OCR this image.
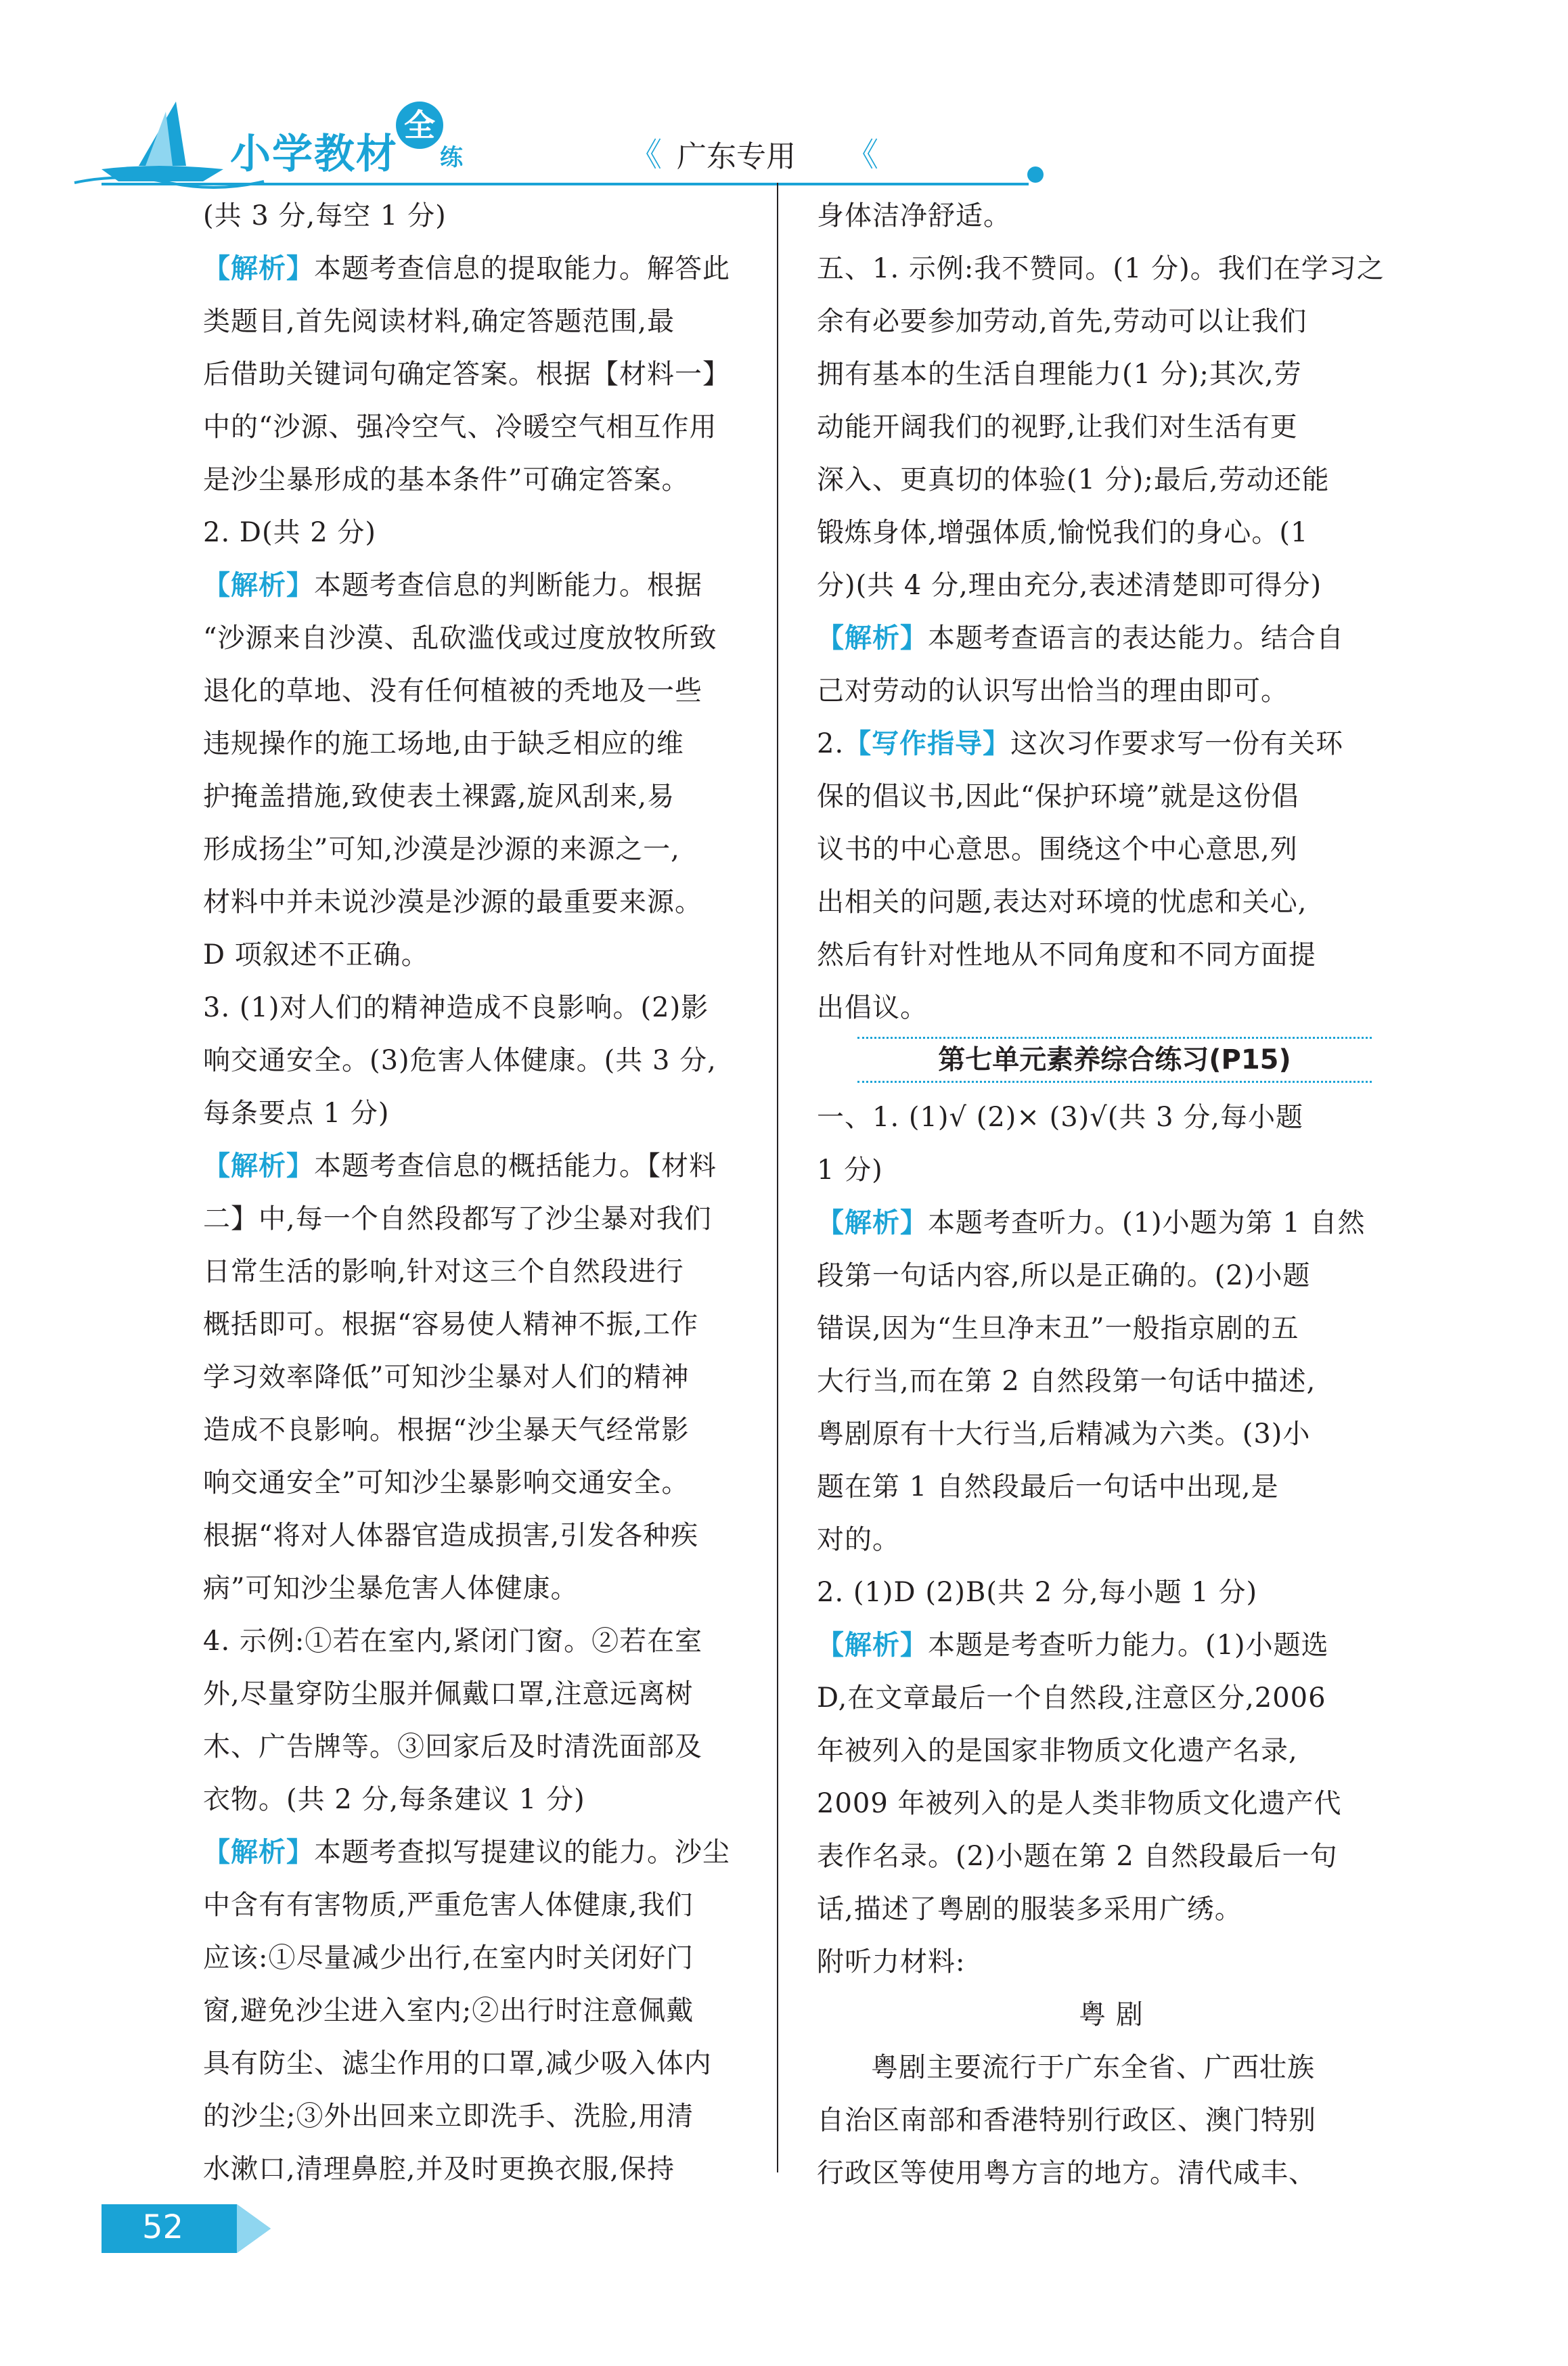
小学教材
全
练	《 广东专用 《

(共 3 分,每空 1 分)

【解析】本题考查信息的提取能力。解答此

类题目,首先阅读材料,确定答题范围,最

后借助关键词句确定答案。根据【材料一】

中的“沙源、强冷空气、冷暖空气相互作用

是沙尘暴形成的基本条件”可确定答案。

2. D(共 2 分)

【解析】本题考查信息的判断能力。根据

“沙源来自沙漠、乱砍滥伐或过度放牧所致

退化的草地、没有任何植被的秃地及一些

违规操作的施工场地,由于缺乏相应的维

护掩盖措施,致使表土裸露,旋风刮来,易

形成扬尘”可知,沙漠是沙源的来源之一,

材料中并未说沙漠是沙源的最重要来源。

D 项叙述不正确。

3. (1)对人们的精神造成不良影响。(2)影

响交通安全。(3)危害人体健康。(共 3 分,

每条要点 1 分)

【解析】本题考查信息的概括能力。【材料

二】中,每一个自然段都写了沙尘暴对我们

日常生活的影响,针对这三个自然段进行

概括即可。根据“容易使人精神不振,工作

学习效率降低”可知沙尘暴对人们的精神

造成不良影响。根据“沙尘暴天气经常影

响交通安全”可知沙尘暴影响交通安全。

根据“将对人体器官造成损害,引发各种疾

病”可知沙尘暴危害人体健康。

4. 示例:①若在室内,紧闭门窗。②若在室

外,尽量穿防尘服并佩戴口罩,注意远离树

木、广告牌等。③回家后及时清洗面部及

衣物。(共 2 分,每条建议 1 分)

【解析】本题考查拟写提建议的能力。沙尘

中含有有害物质,严重危害人体健康,我们

应该:①尽量减少出行,在室内时关闭好门

窗,避免沙尘进入室内;②出行时注意佩戴

具有防尘、滤尘作用的口罩,减少吸入体内

的沙尘;③外出回来立即洗手、洗脸,用清

水漱口,清理鼻腔,并及时更换衣服,保持

身体洁净舒适。

五、1. 示例:我不赞同。(1 分)。我们在学习之

余有必要参加劳动,首先,劳动可以让我们

拥有基本的生活自理能力(1 分);其次,劳

动能开阔我们的视野,让我们对生活有更

深入、更真切的体验(1 分);最后,劳动还能

锻炼身体,增强体质,愉悦我们的身心。(1

分)(共 4 分,理由充分,表述清楚即可得分)

【解析】本题考查语言的表达能力。结合自

己对劳动的认识写出恰当的理由即可。

2.【写作指导】这次习作要求写一份有关环

保的倡议书,因此“保护环境”就是这份倡

议书的中心意思。围绕这个中心意思,列

出相关的问题,表达对环境的忧虑和关心,

然后有针对性地从不同角度和不同方面提

出倡议。

第七单元素养综合练习(P15)

一、1. (1)√ (2)× (3)√(共 3 分,每小题

1 分)

【解析】本题考查听力。(1)小题为第 1 自然

段第一句话内容,所以是正确的。(2)小题

错误,因为“生旦净末丑”一般指京剧的五

大行当,而在第 2 自然段第一句话中描述,

粤剧原有十大行当,后精减为六类。(3)小

题在第 1 自然段最后一句话中出现,是

对的。

2. (1)D (2)B(共 2 分,每小题 1 分)

【解析】本题是考查听力能力。(1)小题选

D,在文章最后一个自然段,注意区分,2006

年被列入的是国家非物质文化遗产名录,

2009 年被列入的是人类非物质文化遗产代

表作名录。(2)小题在第 2 自然段最后一句

话,描述了粤剧的服装多采用广绣。

附听力材料:

粤 剧

粤剧主要流行于广东全省、广西壮族

自治区南部和香港特别行政区、澳门特别

行政区等使用粤方言的地方。清代咸丰、

52
